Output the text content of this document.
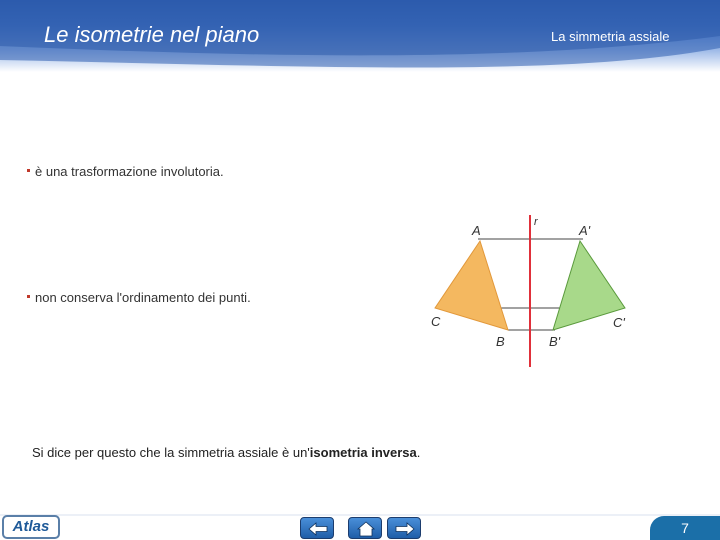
Le isometrie nel piano	La simmetria assiale
è una trasformazione involutoria.
non conserva l'ordinamento dei punti.
r
A	A'
C	C'
B	B'
Si dice per questo che la simmetria assiale è un'isometria inversa.
Atlas	7
